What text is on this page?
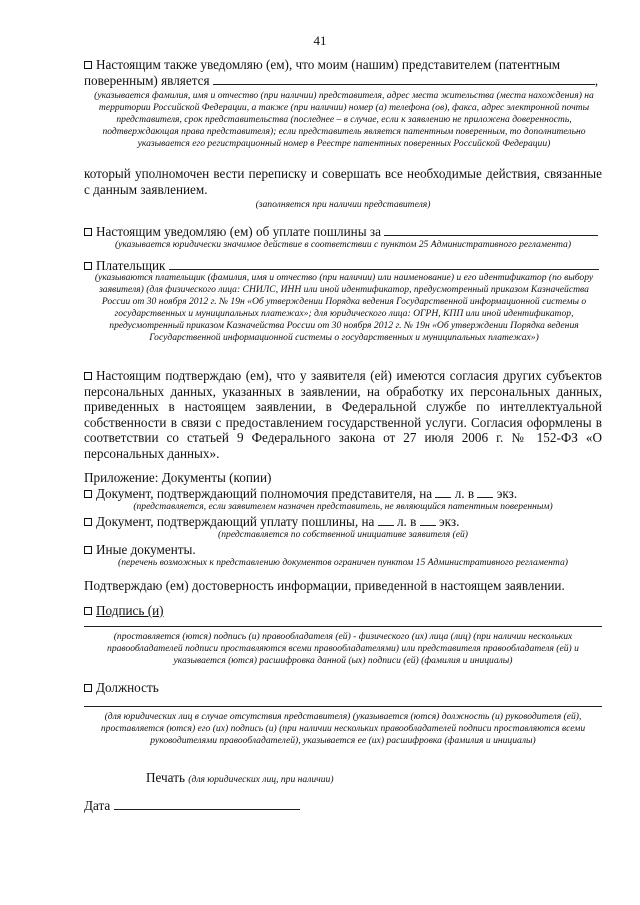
41
Настоящим также уведомляю (ем), что моим (нашим) представителем (патентным
поверенным) является	,
(указывается фамилия, имя и отчество (при наличии) представителя, адрес места жительства (места нахождения) на территории Российской Федерации, а также (при наличии) номер (а) телефона (ов), факса, адрес электронной почты представителя, срок представительства (последнее – в случае, если к заявлению не приложена доверенность, подтверждающая права представителя); если представитель является патентным поверенным, то дополнительно указывается его регистрационный номер в Реестре патентных поверенных Российской Федерации)
который уполномочен вести переписку и совершать все необходимые действия, связанные с данным заявлением.
(заполняется при наличии представителя)
Настоящим уведомляю (ем) об уплате пошлины за
(указывается юридически значимое действие в соответствии с пунктом 25 Административного регламента)
Плательщик
(указываются плательщик (фамилия, имя и отчество (при наличии) или наименование) и его идентификатор (по выбору заявителя) (для физического лица: СНИЛС, ИНН или иной идентификатор, предусмотренный приказом Казначейства России от 30 ноября 2012 г. № 19н «Об утверждении Порядка ведения Государственной информационной системы о государственных и муниципальных платежах»; для юридического лица: ОГРН, КПП или иной идентификатор, предусмотренный приказом Казначейства России от 30 ноября 2012 г. № 19н «Об утверждении Порядка ведения Государственной информационной системы о государственных и муниципальных платежах»)
Настоящим подтверждаю (ем), что у заявителя (ей) имеются согласия других субъектов персональных данных, указанных в заявлении, на обработку их персональных данных, приведенных в настоящем заявлении, в Федеральной службе по интеллектуальной собственности в связи с предоставлением государственной услуги. Согласия оформлены в соответствии со статьей 9 Федерального закона от 27 июля 2006 г. № 152-ФЗ «О персональных данных».
Приложение: Документы (копии)
Документ, подтверждающий полномочия представителя, на л. в экз.
(представляется, если заявителем назначен представитель, не являющийся патентным поверенным)
Документ, подтверждающий уплату пошлины, на л. в экз.
(представляется по собственной инициативе заявителя (ей)
Иные документы.
(перечень возможных к представлению документов ограничен пунктом 15 Административного регламента)
Подтверждаю (ем) достоверность информации, приведенной в настоящем заявлении.
Подпись (и)
(проставляется (ются) подпись (и) правообладателя (ей) - физического (их) лица (лиц) (при наличии нескольких правообладателей подписи проставляются всеми правообладателями) или представителя правообладателя (ей) и указывается (ются) расшифровка данной (ых) подписи (ей) (фамилия и инициалы)
Должность
(для юридических лиц в случае отсутствия представителя) (указывается (ются) должность (и) руководителя (ей), проставляется (ются) его (их) подпись (и) (при наличии нескольких правообладателей подписи проставляются всеми руководителями правообладателей), указывается ее (их) расшифровка (фамилия и инициалы)
Печать (для юридических лиц, при наличии)
Дата
